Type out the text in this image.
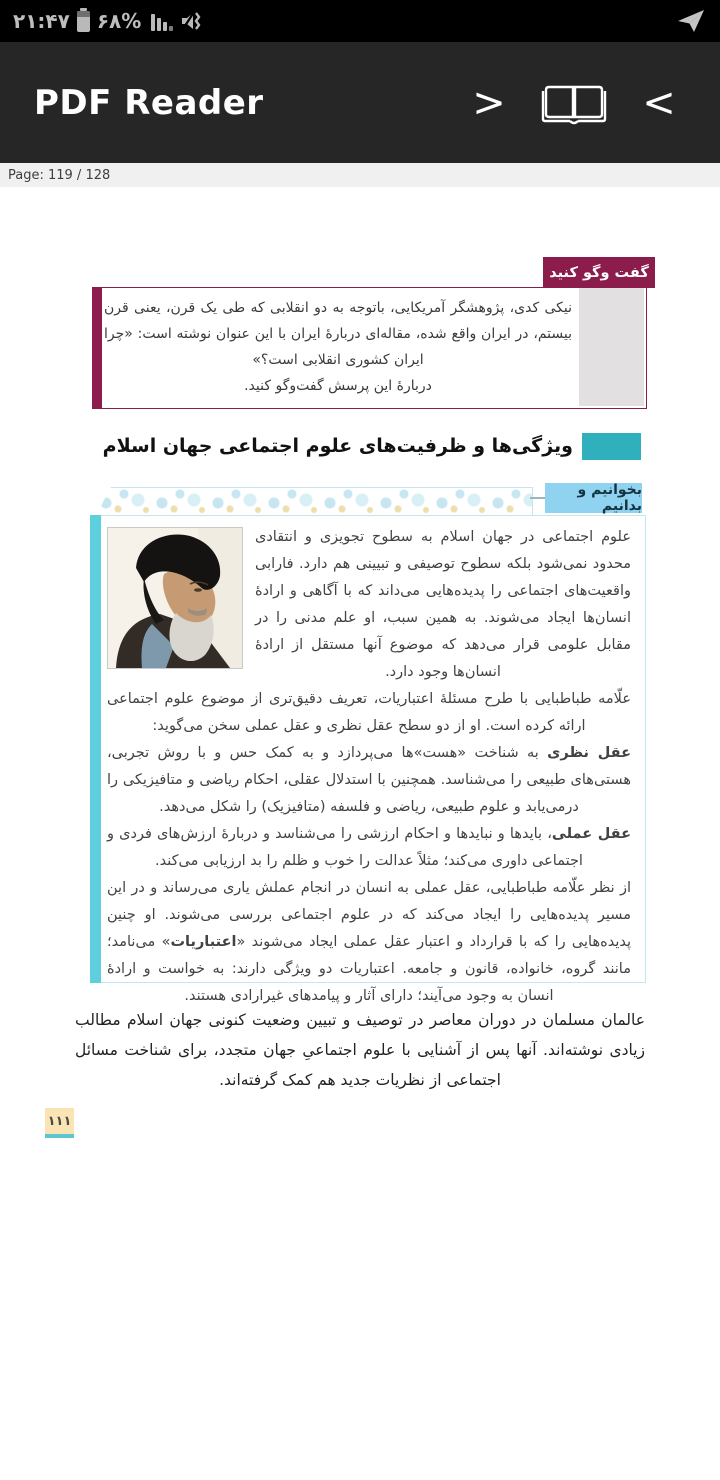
۲۱:۴۷ ۶۸%
PDF Reader	>	<
Page: 119 / 128
گفت وگو کنید

نیکی کدی، پژوهشگر آمریکایی، باتوجه به دو انقلابی که طی یک قرن، یعنی قرن بیستم، در ایران واقع شده، مقاله‌ای دربارهٔ ایران با این عنوان نوشته است: «چرا ایران کشوری انقلابی است؟»

دربارهٔ این پرسش گفت‌وگو کنید.

ویژگی‌ها و ظرفیت‌های علوم اجتماعی جهان اسلام
بخوانیم و بدانیم

علوم اجتماعی در جهان اسلام به سطوح تجویزی و انتقادی محدود نمی‌شود بلکه سطوح توصیفی و تبیینی هم دارد. فارابی واقعیت‌های اجتماعی را پدیده‌هایی می‌داند که با آگاهی و ارادهٔ انسان‌ها ایجاد می‌شوند. به همین سبب، او علم مدنی را در مقابل علومی قرار می‌دهد که موضوع آنها مستقل از ارادهٔ انسان‌ها وجود دارد.

علّامه طباطبایی با طرح مسئلهٔ اعتباریات، تعریف دقیق‌تری از موضوع علوم اجتماعی ارائه کرده است. او از دو سطح عقل نظری و عقل عملی سخن می‌گوید:

عقل نظری به شناخت «هست»ها می‌پردازد و به کمک حس و با روش تجربی، هستی‌های طبیعی را می‌شناسد. همچنین با استدلال عقلی، احکام ریاضی و متافیزیکی را درمی‌یابد و علوم طبیعی، ریاضی و فلسفه (متافیزیک) را شکل می‌دهد.

عقل عملی، بایدها و نبایدها و احکام ارزشی را می‌شناسد و دربارهٔ ارزش‌های فردی و اجتماعی داوری می‌کند؛ مثلاً عدالت را خوب و ظلم را بد ارزیابی می‌کند.

از نظر علّامه طباطبایی، عقل عملی به انسان در انجام عملش یاری می‌رساند و در این مسیر پدیده‌هایی را ایجاد می‌کند که در علوم اجتماعی بررسی می‌شوند. او چنین پدیده‌هایی را که با قرارداد و اعتبار عقل عملی ایجاد می‌شوند «اعتباریات» می‌نامد؛ مانند گروه، خانواده، قانون و جامعه. اعتباریات دو ویژگی دارند: به خواست و ارادهٔ انسان به وجود می‌آیند؛ دارای آثار و پیامدهای غیرارادی هستند.

عالمان مسلمان در دوران معاصر در توصیف و تبیین وضعیت کنونی جهان اسلام مطالب زیادی نوشته‌اند. آنها پس از آشنایی با علوم اجتماعیِ جهان متجدد، برای شناخت مسائل اجتماعی از نظریات جدید هم کمک گرفته‌اند.

۱۱۱
